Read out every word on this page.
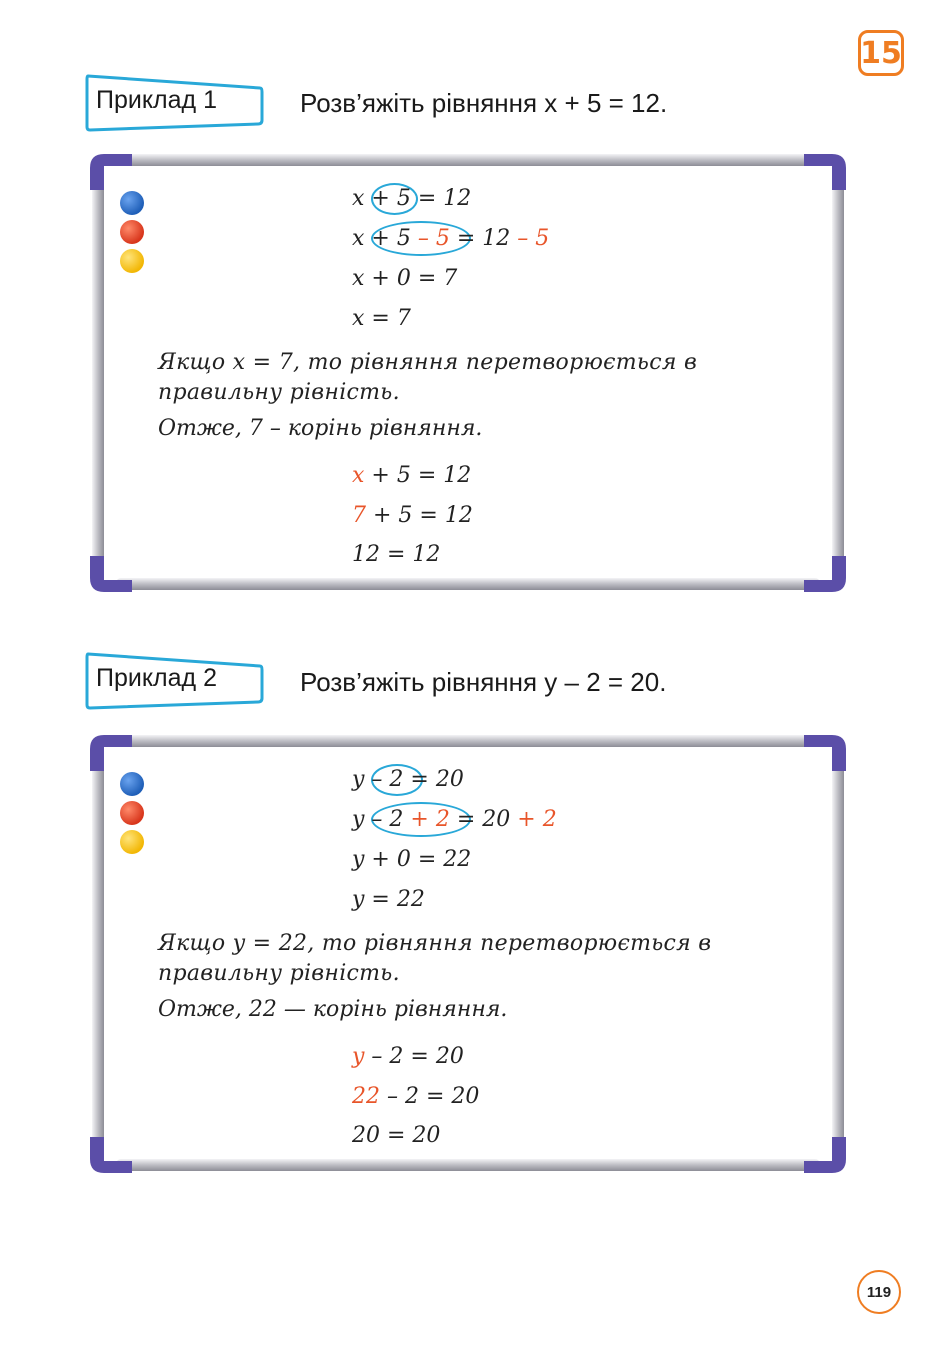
15
Приклад 1	Розв’яжіть рівняння x + 5 = 12.
x + 5 = 12
x + 5 – 5 = 12 – 5
x + 0 = 7
x = 7
Якщо x = 7, то рівняння перетворюється в правильну рівність.
Отже, 7 – корінь рівняння.
x + 5 = 12
7 + 5 = 12
12 = 12
Приклад 2	Розв’яжіть рівняння y – 2 = 20.
y – 2 = 20
y – 2 + 2 = 20 + 2
y + 0 = 22
y = 22
Якщо y = 22, то рівняння перетворюється в правильну рівність.
Отже, 22 — корінь рівняння.
y – 2 = 20
22 – 2 = 20
20 = 20
119
